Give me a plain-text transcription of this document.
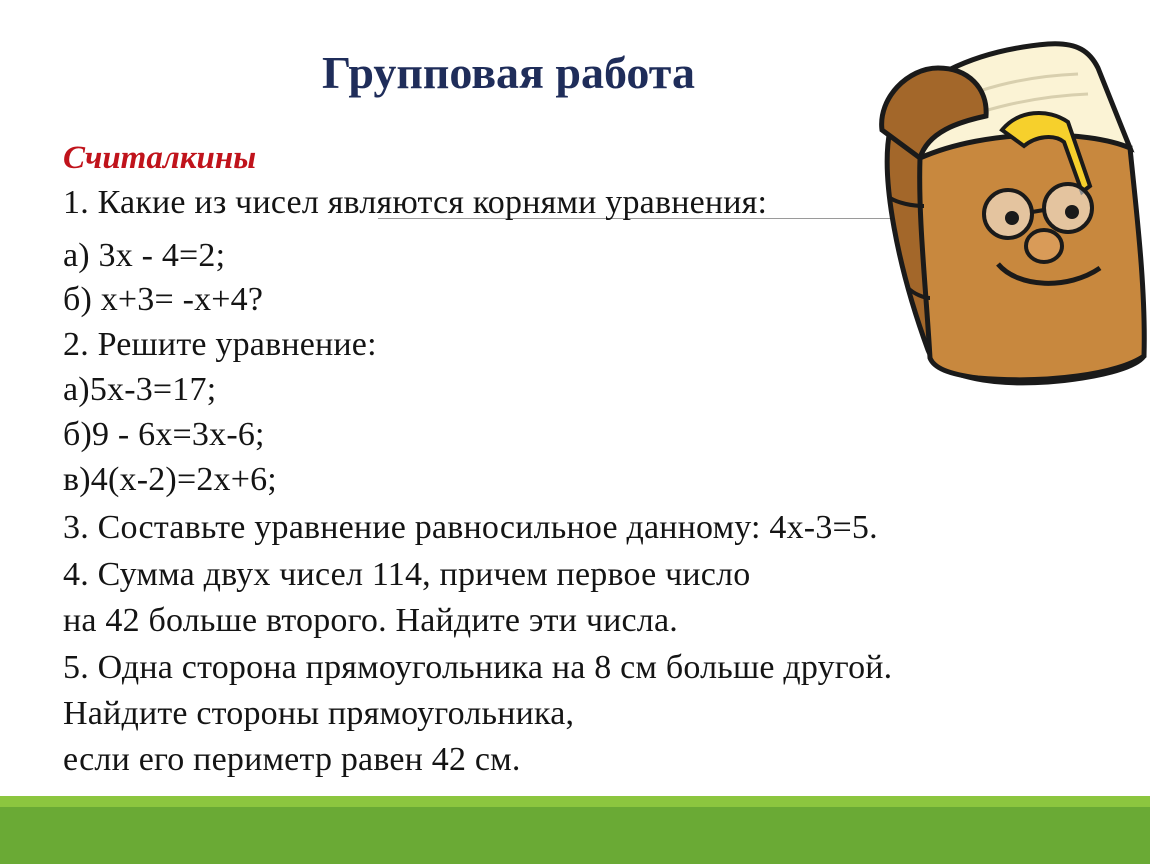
Групповая работа
Считалкины
1. Какие из чисел являются корнями уравнения:
а) 3х - 4=2;
б) х+3= -х+4?
2. Решите уравнение:
а)5х-3=17;
б)9 - 6х=3х-6;
в)4(х-2)=2х+6;
3. Составьте уравнение равносильное данному: 4х-3=5.
4. Сумма двух чисел 114, причем первое число
на 42 больше второго. Найдите эти числа.
5. Одна сторона прямоугольника на 8 см больше другой.
Найдите стороны прямоугольника,
если его периметр равен 42 см.
